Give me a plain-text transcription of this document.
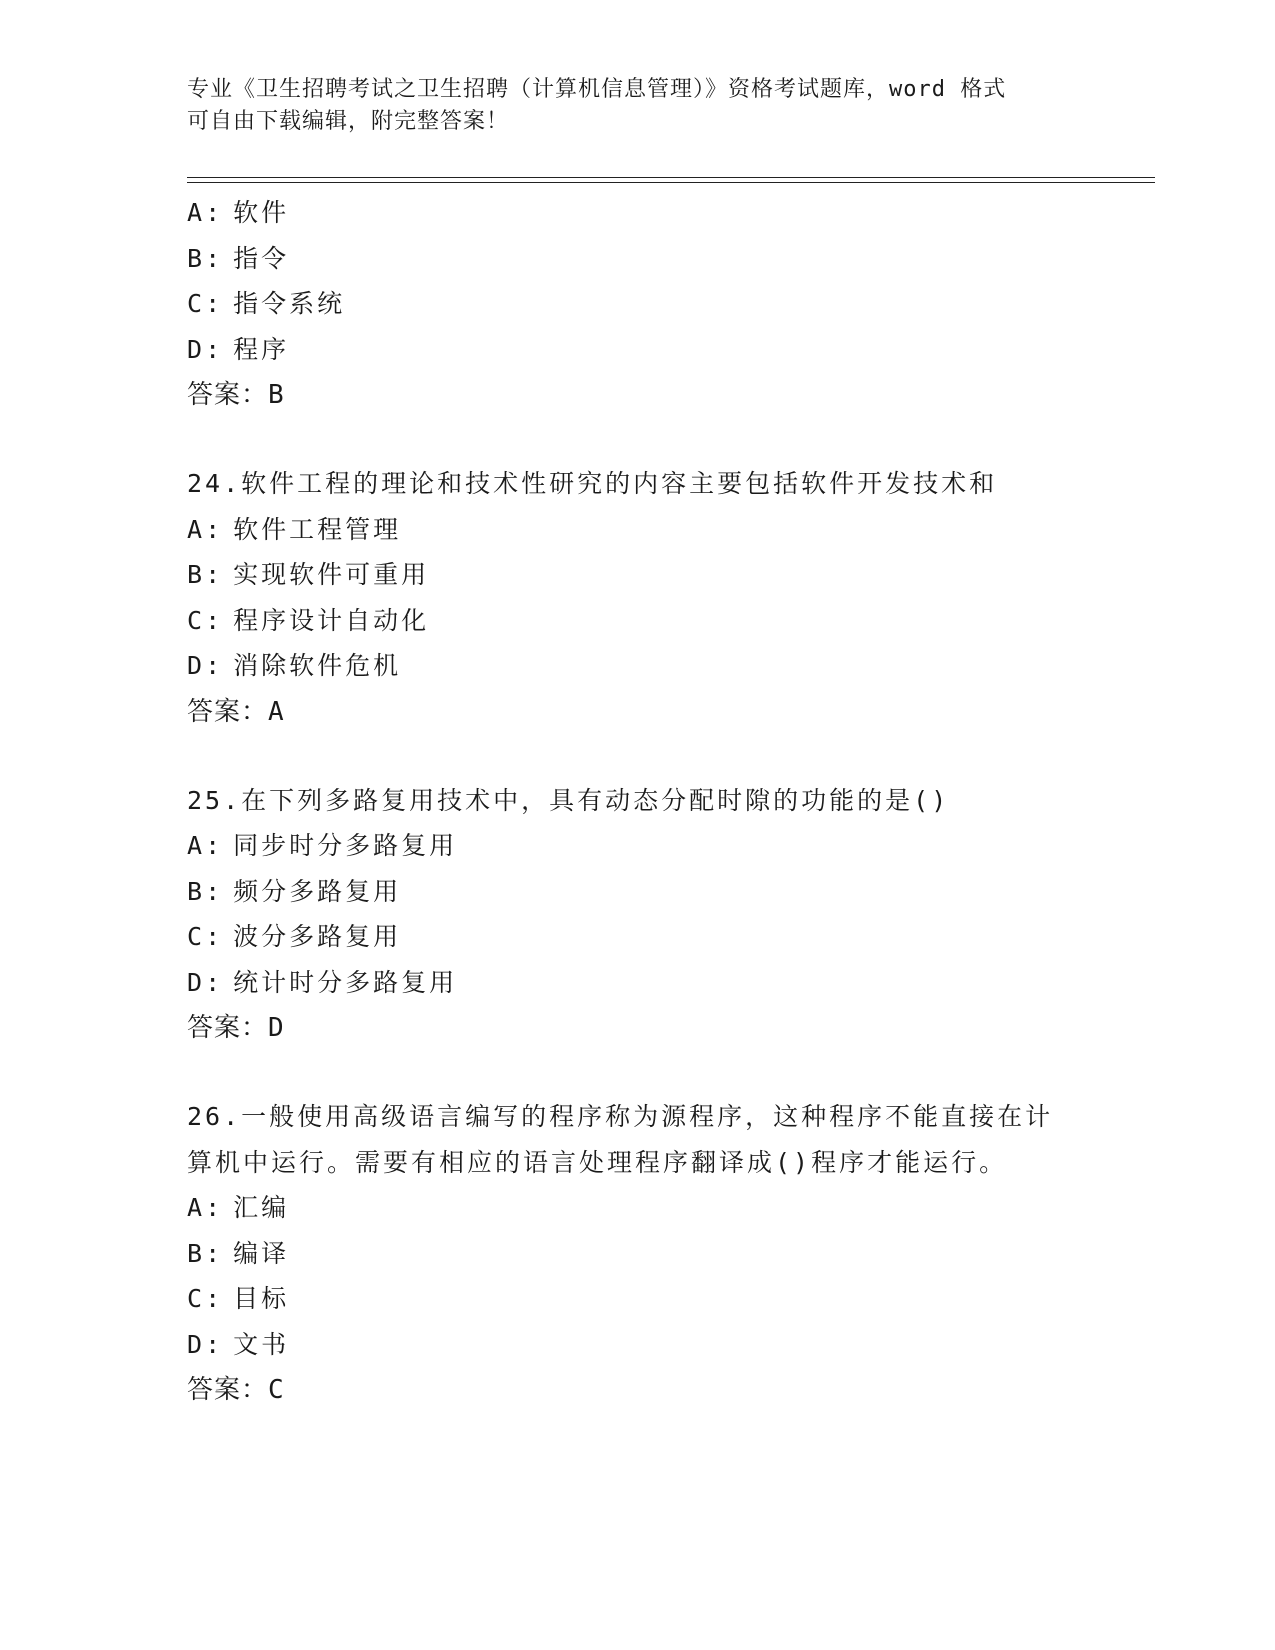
专业《卫生招聘考试之卫生招聘（计算机信息管理）》资格考试题库，word 格式
可自由下载编辑，附完整答案！
A: 软件
B: 指令
C: 指令系统
D: 程序
答案：B
24.软件工程的理论和技术性研究的内容主要包括软件开发技术和
A: 软件工程管理
B: 实现软件可重用
C: 程序设计自动化
D: 消除软件危机
答案：A
25.在下列多路复用技术中，具有动态分配时隙的功能的是()
A: 同步时分多路复用
B: 频分多路复用
C: 波分多路复用
D: 统计时分多路复用
答案：D
26.一般使用高级语言编写的程序称为源程序，这种程序不能直接在计算机中运行。需要有相应的语言处理程序翻译成()程序才能运行。
A: 汇编
B: 编译
C: 目标
D: 文书
答案：C
